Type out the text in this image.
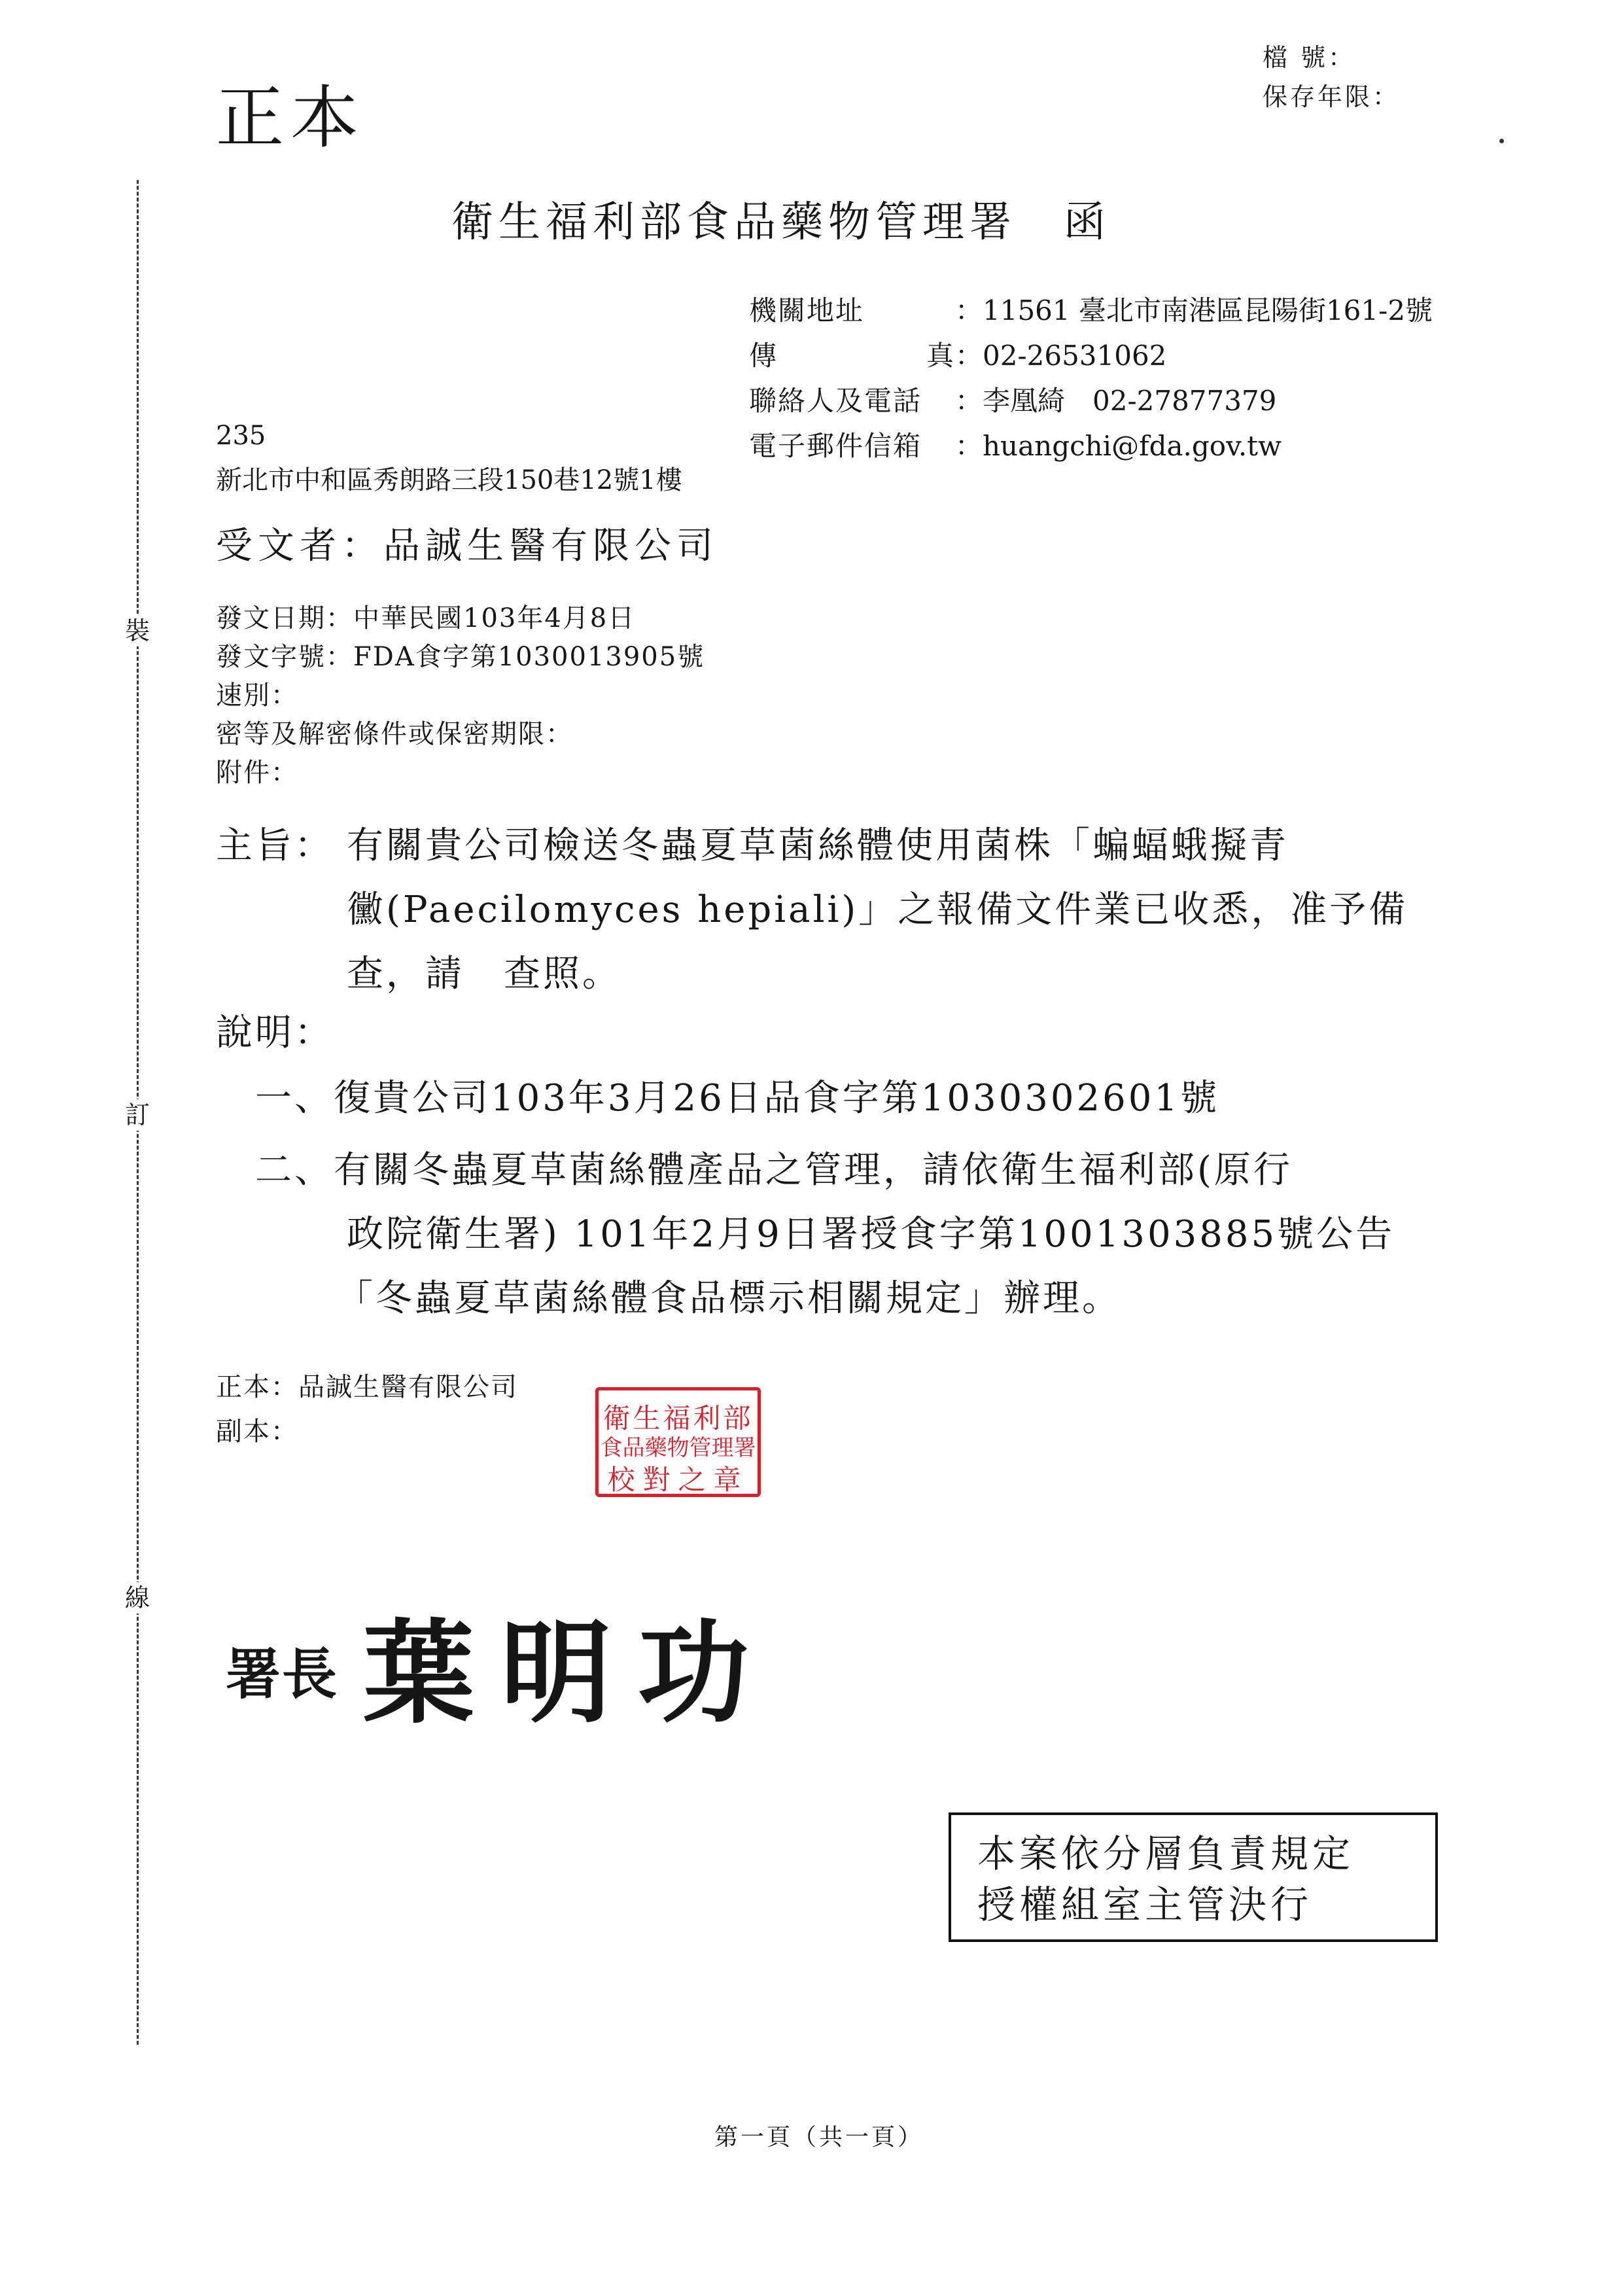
檔 號：
保存年限：
正本
裝
訂
線
衛生福利部食品藥物管理署　函
機關地址	：11561 臺北市南港區昆陽街161-2號
傳	真 ：02-26531062
聯絡人及電話	：李凰綺　02-27877379
電子郵件信箱	：huangchi@fda.gov.tw
235
新北市中和區秀朗路三段150巷12號1樓
受文者：品誠生醫有限公司
發文日期：中華民國103年4月8日
發文字號：FDA食字第1030013905號
速別：
密等及解密條件或保密期限：
附件：
主旨： 有關貴公司檢送冬蟲夏草菌絲體使用菌株「蝙蝠蛾擬青
黴(Paecilomyces hepiali)」之報備文件業已收悉，准予備
查，請　查照。
說明：
一、復貴公司103年3月26日品食字第1030302601號
二、有關冬蟲夏草菌絲體產品之管理，請依衛生福利部(原行
政院衛生署) 101年2月9日署授食字第1001303885號公告
「冬蟲夏草菌絲體食品標示相關規定」辦理。
正本：品誠生醫有限公司
副本：	衛生福利部
食品藥物管理署
校對之章
署長 葉明功
本案依分層負責規定
授權組室主管決行
第一頁（共一頁）
